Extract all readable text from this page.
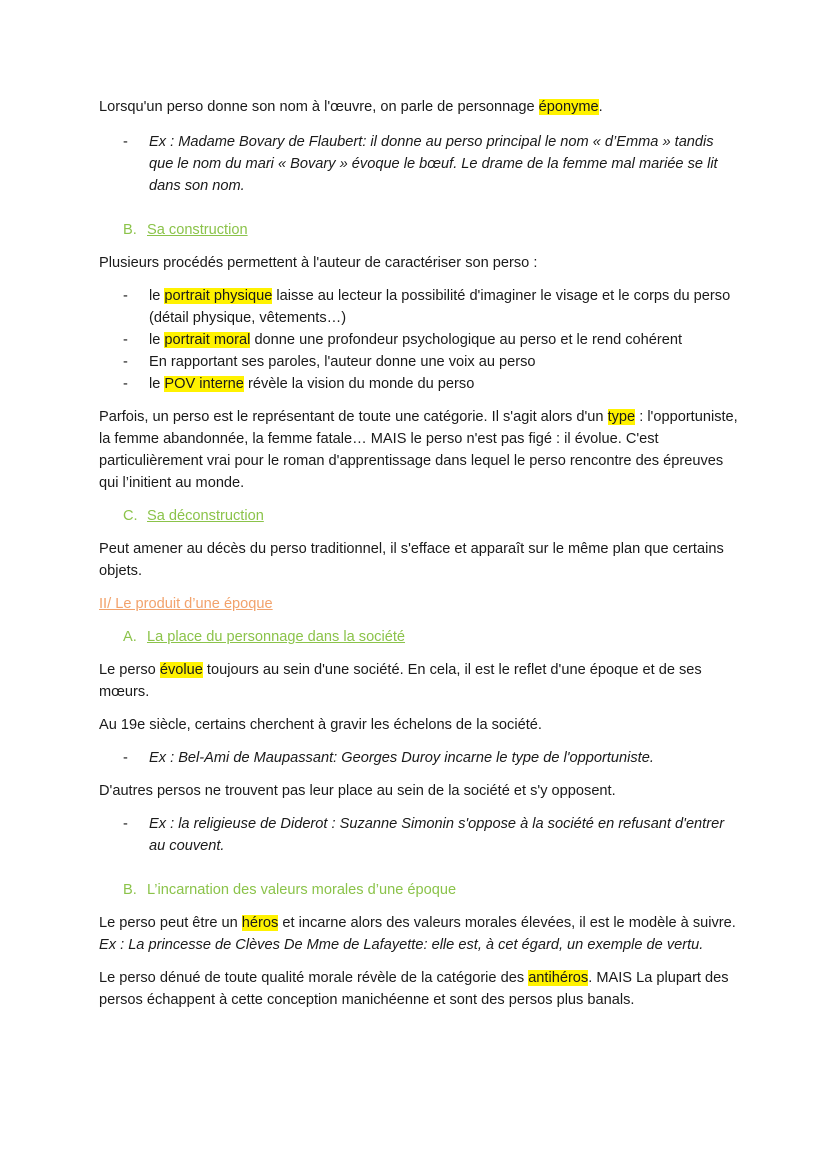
Lorsqu'un perso donne son nom à l'œuvre, on parle de personnage éponyme.

- Ex : Madame Bovary de Flaubert: il donne au perso principal le nom « d’Emma » tandis que le nom du mari « Bovary » évoque le bœuf. Le drame de la femme mal mariée se lit dans son nom.
B. Sa construction

Plusieurs procédés permettent à l'auteur de caractériser son perso :

- le portrait physique laisse au lecteur la possibilité d'imaginer le visage et le corps du perso (détail physique, vêtements…)
- le portrait moral donne une profondeur psychologique au perso et le rend cohérent
- En rapportant ses paroles, l'auteur donne une voix au perso
- le POV interne révèle la vision du monde du perso

Parfois, un perso est le représentant de toute une catégorie. Il s'agit alors d'un type : l'opportuniste, la femme abandonnée, la femme fatale… MAIS le perso n'est pas figé : il évolue. C'est particulièrement vrai pour le roman d'apprentissage dans lequel le perso rencontre des épreuves qui l’initient au monde.

C. Sa déconstruction

Peut amener au décès du perso traditionnel, il s'efface et apparaît sur le même plan que certains objets.

II/ Le produit d’une époque
A. La place du personnage dans la société

Le perso évolue toujours au sein d'une société. En cela, il est le reflet d'une époque et de ses mœurs.

Au 19e siècle, certains cherchent à gravir les échelons de la société.

- Ex : Bel-Ami de Maupassant: Georges Duroy incarne le type de l'opportuniste.

D'autres persos ne trouvent pas leur place au sein de la société et s'y opposent.

- Ex : la religieuse de Diderot : Suzanne Simonin s'oppose à la société en refusant d'entrer au couvent.
B. L’incarnation des valeurs morales d’une époque

Le perso peut être un héros et incarne alors des valeurs morales élevées, il est le modèle à suivre. Ex : La princesse de Clèves De Mme de Lafayette: elle est, à cet égard, un exemple de vertu.

Le perso dénué de toute qualité morale révèle de la catégorie des antihéros. MAIS La plupart des persos échappent à cette conception manichéenne et sont des persos plus banals.
